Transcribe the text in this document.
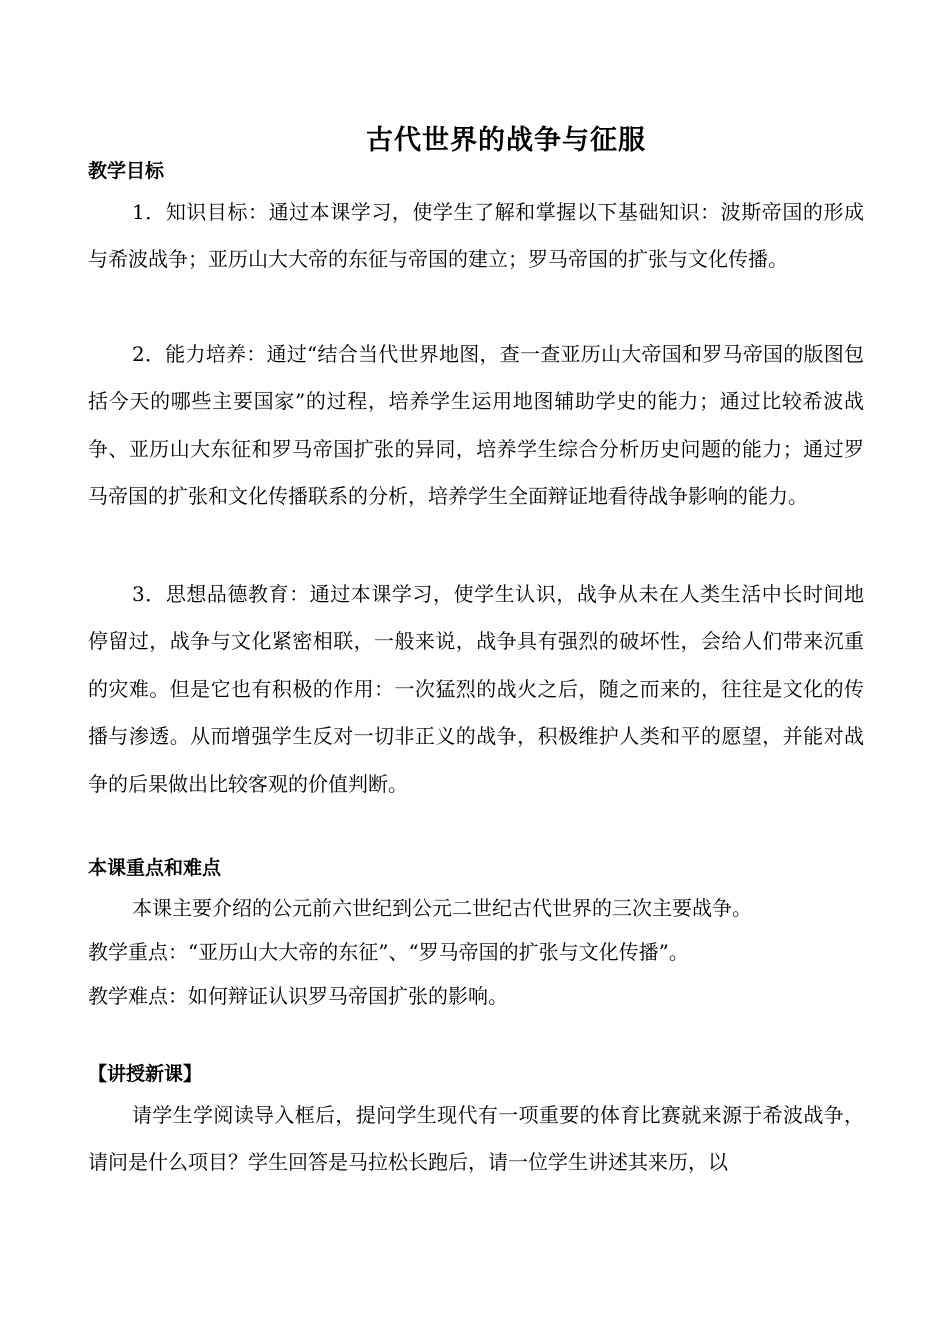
古代世界的战争与征服
教学目标

1．知识目标：通过本课学习，使学生了解和掌握以下基础知识：波斯帝国的形成与希波战争；亚历山大大帝的东征与帝国的建立；罗马帝国的扩张与文化传播。

2．能力培养：通过“结合当代世界地图，查一查亚历山大帝国和罗马帝国的版图包括今天的哪些主要国家”的过程，培养学生运用地图辅助学史的能力；通过比较希波战争、亚历山大东征和罗马帝国扩张的异同，培养学生综合分析历史问题的能力；通过罗马帝国的扩张和文化传播联系的分析，培养学生全面辩证地看待战争影响的能力。

3．思想品德教育：通过本课学习，使学生认识，战争从未在人类生活中长时间地停留过，战争与文化紧密相联，一般来说，战争具有强烈的破坏性，会给人们带来沉重的灾难。但是它也有积极的作用：一次猛烈的战火之后，随之而来的，往往是文化的传播与渗透。从而增强学生反对一切非正义的战争，积极维护人类和平的愿望，并能对战争的后果做出比较客观的价值判断。

本课重点和难点

本课主要介绍的公元前六世纪到公元二世纪古代世界的三次主要战争。

教学重点：“亚历山大大帝的东征”、“罗马帝国的扩张与文化传播”。

教学难点：如何辩证认识罗马帝国扩张的影响。

【讲授新课】

请学生学阅读导入框后，提问学生现代有一项重要的体育比赛就来源于希波战争，请问是什么项目？学生回答是马拉松长跑后，请一位学生讲述其来历，以
